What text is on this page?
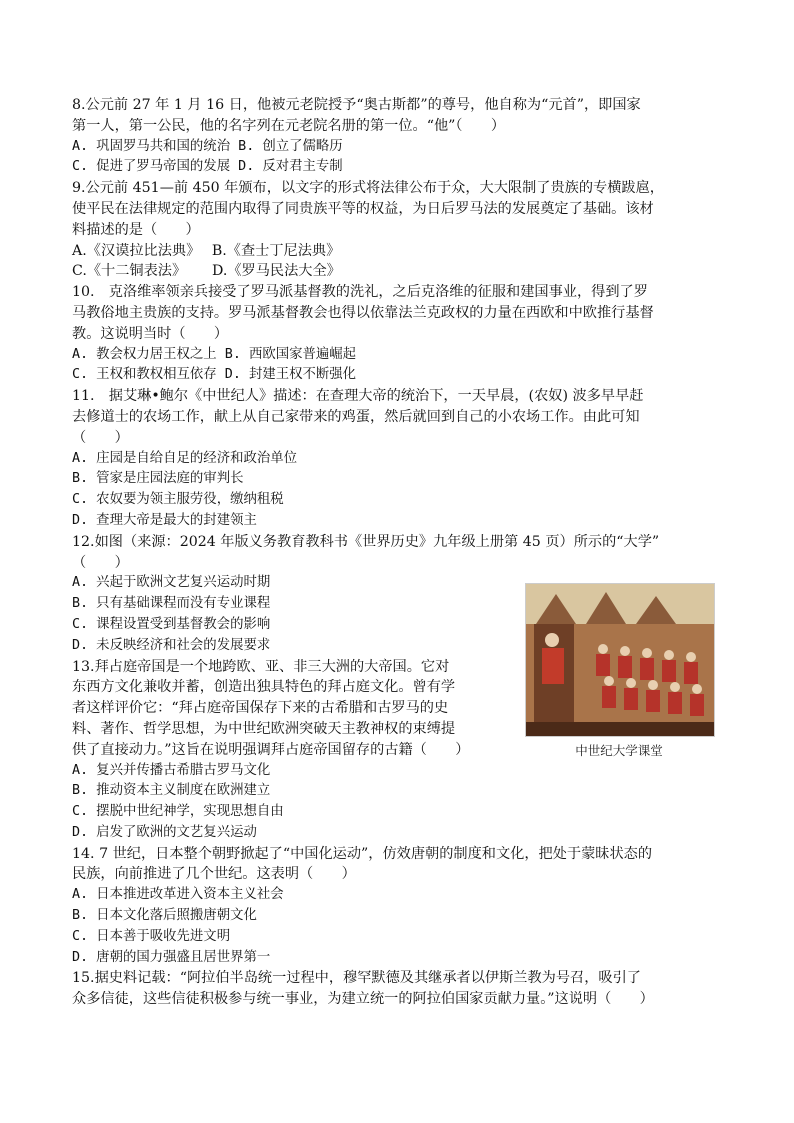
8.公元前 27 年 1 月 16 日，他被元老院授予“奥古斯都”的尊号，他自称为“元首”，即国家
第一人，第一公民，他的名字列在元老院名册的第一位。“他”（　　）
A. 巩固罗马共和国的统治 B. 创立了儒略历
C. 促进了罗马帝国的发展 D. 反对君主专制
9.公元前 451—前 450 年颁布，以文字的形式将法律公布于众，大大限制了贵族的专横跋扈，
使平民在法律规定的范围内取得了同贵族平等的权益，为日后罗马法的发展奠定了基础。该材
料描述的是（　　）
A.《汉谟拉比法典》　 B.《查士丁尼法典》
C.《十二铜表法》　　 D.《罗马民法大全》
10.　克洛维率领亲兵接受了罗马派基督教的洗礼，之后克洛维的征服和建国事业，得到了罗
马教俗地主贵族的支持。罗马派基督教会也得以依靠法兰克政权的力量在西欧和中欧推行基督
教。这说明当时（　　）
A. 教会权力居王权之上 B. 西欧国家普遍崛起
C. 王权和教权相互依存 D. 封建王权不断强化
11.　据艾琳•鲍尔《中世纪人》描述：在查理大帝的统治下，一天早晨，(农奴) 波多早早赶
去修道士的农场工作，献上从自己家带来的鸡蛋，然后就回到自己的小农场工作。由此可知
（　　）
A. 庄园是自给自足的经济和政治单位
B. 管家是庄园法庭的审判长
C. 农奴要为领主服劳役，缴纳租税
D. 查理大帝是最大的封建领主
12.如图（来源：2024 年版义务教育教科书《世界历史》九年级上册第 45 页）所示的“大学”
（　　）
A. 兴起于欧洲文艺复兴运动时期
B. 只有基础课程而没有专业课程
C. 课程设置受到基督教会的影响
D. 未反映经济和社会的发展要求
13.拜占庭帝国是一个地跨欧、亚、非三大洲的大帝国。它对
东西方文化兼收并蓄，创造出独具特色的拜占庭文化。曾有学
者这样评价它：“拜占庭帝国保存下来的古希腊和古罗马的史
料、著作、哲学思想，为中世纪欧洲突破天主教神权的束缚提
供了直接动力。”这旨在说明强调拜占庭帝国留存的古籍（　　）
A. 复兴并传播古希腊古罗马文化
B. 推动资本主义制度在欧洲建立
C. 摆脱中世纪神学，实现思想自由
D. 启发了欧洲的文艺复兴运动
14. 7 世纪，日本整个朝野掀起了“中国化运动”，仿效唐朝的制度和文化，把处于蒙昧状态的
民族，向前推进了几个世纪。这表明（　　）
A. 日本推进改革进入资本主义社会
B. 日本文化落后照搬唐朝文化
C. 日本善于吸收先进文明
D. 唐朝的国力强盛且居世界第一
15.据史料记载：“阿拉伯半岛统一过程中，穆罕默德及其继承者以伊斯兰教为号召，吸引了
众多信徒，这些信徒积极参与统一事业，为建立统一的阿拉伯国家贡献力量。”这说明（　　）
中世纪大学课堂
